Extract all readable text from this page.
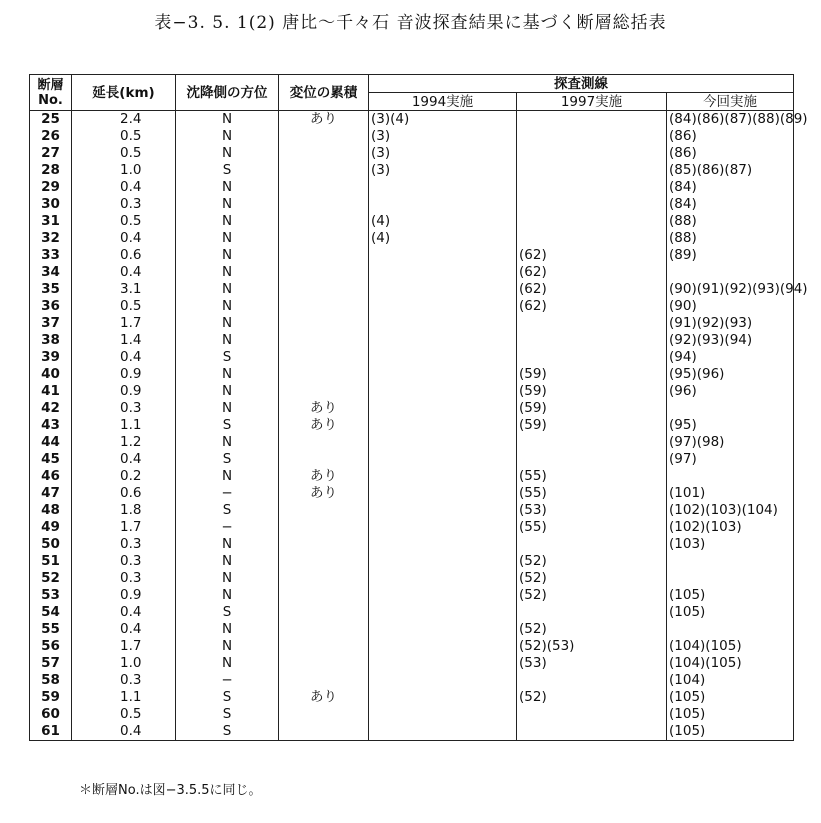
表−3. 5. 1(2) 唐比〜千々石 音波探査結果に基づく断層総括表
断層
No.	延長(km)	沈降側の方位	変位の累積	探査測線		
				1994実施	1997実施	今回実施
25	2.4	N	あり	(3)(4)		(84)(86)(87)(88)(89)
26	0.5	N		(3)		(86)
27	0.5	N		(3)		(86)
28	1.0	S		(3)		(85)(86)(87)
29	0.4	N				(84)
30	0.3	N				(84)
31	0.5	N		(4)		(88)
32	0.4	N		(4)		(88)
33	0.6	N			(62)	(89)
34	0.4	N			(62)	
35	3.1	N			(62)	(90)(91)(92)(93)(94)
36	0.5	N			(62)	(90)
37	1.7	N				(91)(92)(93)
38	1.4	N				(92)(93)(94)
39	0.4	S				(94)
40	0.9	N			(59)	(95)(96)
41	0.9	N			(59)	(96)
42	0.3	N	あり		(59)	
43	1.1	S	あり		(59)	(95)
44	1.2	N				(97)(98)
45	0.4	S				(97)
46	0.2	N	あり		(55)	
47	0.6	−	あり		(55)	(101)
48	1.8	S			(53)	(102)(103)(104)
49	1.7	−			(55)	(102)(103)
50	0.3	N				(103)
51	0.3	N			(52)	
52	0.3	N			(52)	
53	0.9	N			(52)	(105)
54	0.4	S				(105)
55	0.4	N			(52)	
56	1.7	N			(52)(53)	(104)(105)
57	1.0	N			(53)	(104)(105)
58	0.3	−				(104)
59	1.1	S	あり		(52)	(105)
60	0.5	S				(105)
61	0.4	S				(105)
＊断層No.は図−3.5.5に同じ。
